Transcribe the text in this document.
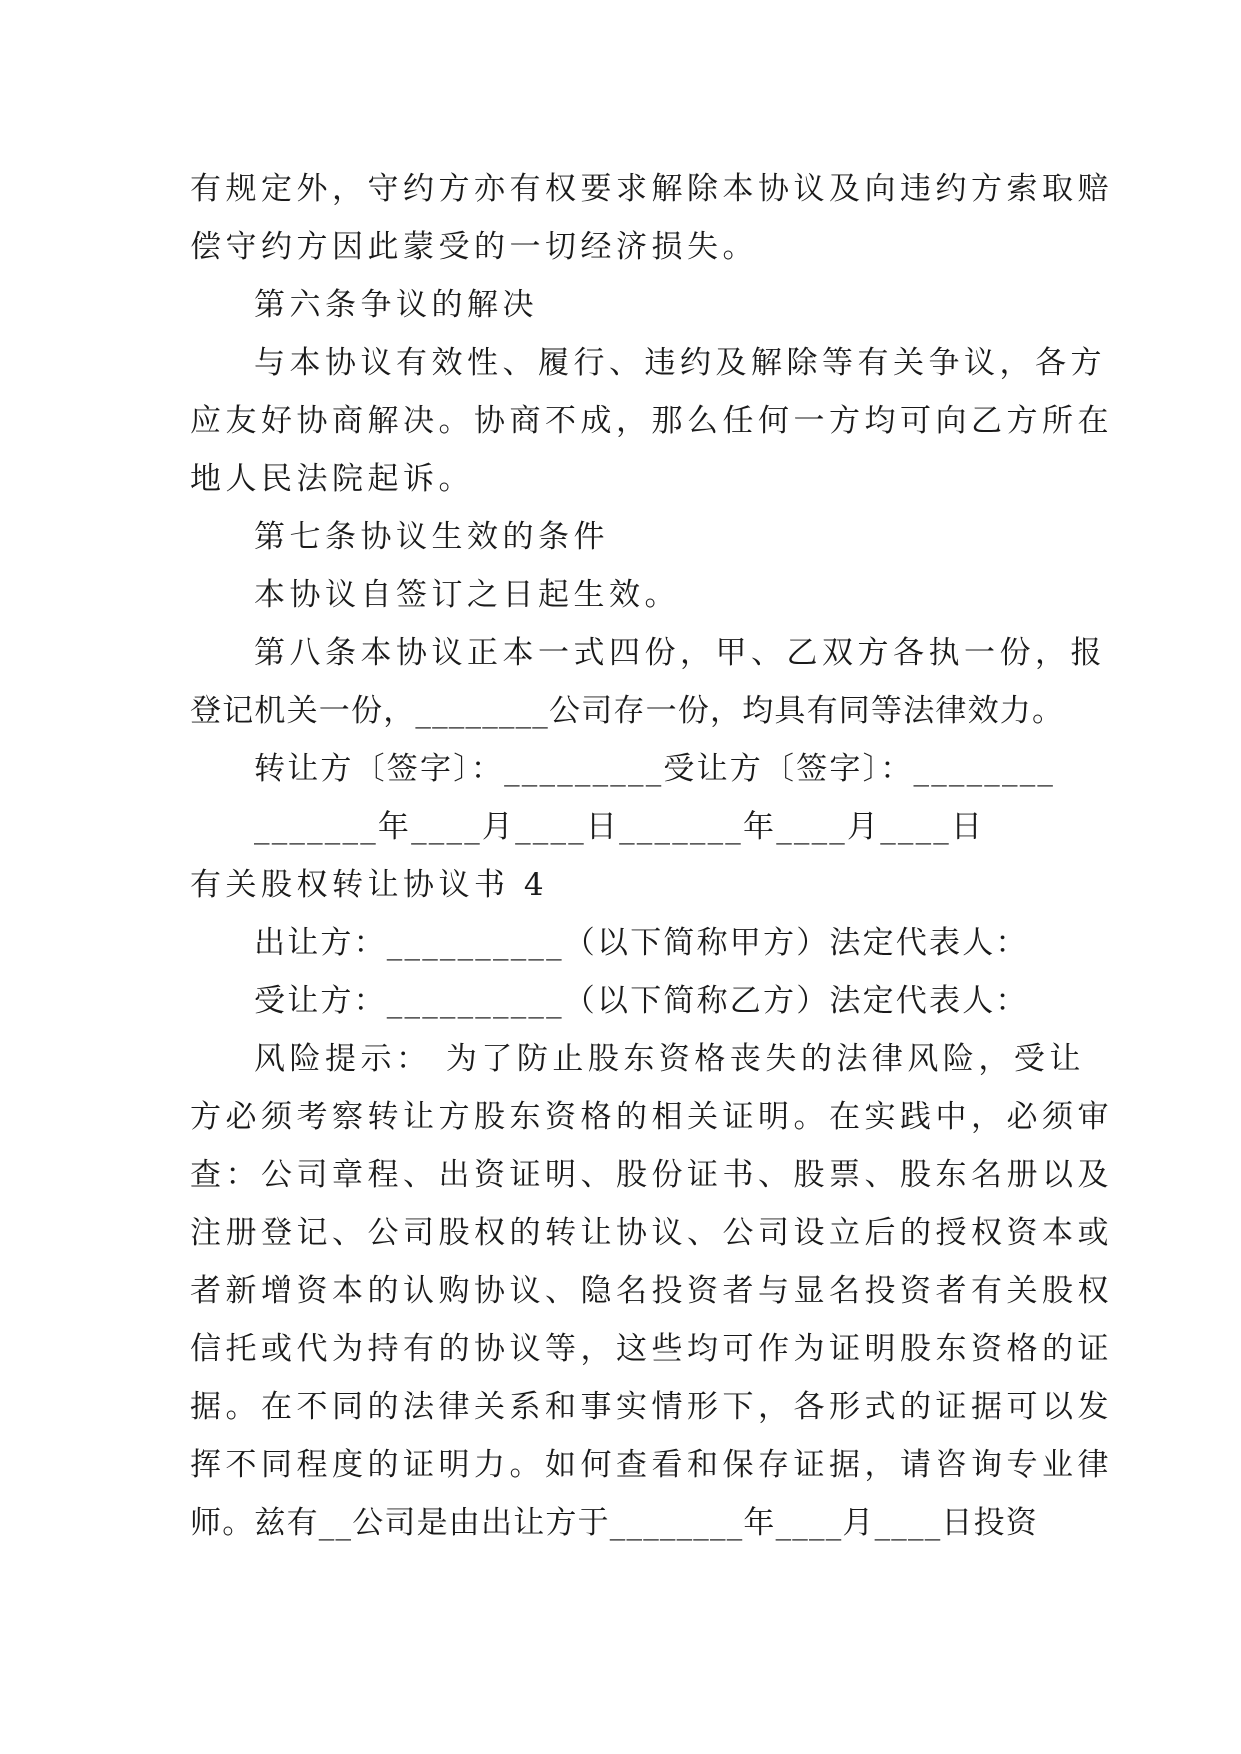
有规定外，守约方亦有权要求解除本协议及向违约方索取赔
偿守约方因此蒙受的一切经济损失。
第六条争议的解决
与本协议有效性、履行、违约及解除等有关争议，各方
应友好协商解决。协商不成，那么任何一方均可向乙方所在
地人民法院起诉。
第七条协议生效的条件
本协议自签订之日起生效。
第八条本协议正本一式四份，甲、乙双方各执一份，报
登记机关一份，________公司存一份，均具有同等法律效力。
转让方〔签字〕：_________受让方〔签字〕：________
_______年____月____日_______年____月____日
有关股权转让协议书 4
出让方：__________（以下简称甲方）法定代表人：
受让方：__________（以下简称乙方）法定代表人：
风险提示： 为了防止股东资格丧失的法律风险，受让
方必须考察转让方股东资格的相关证明。在实践中，必须审
查：公司章程、出资证明、股份证书、股票、股东名册以及
注册登记、公司股权的转让协议、公司设立后的授权资本或
者新增资本的认购协议、隐名投资者与显名投资者有关股权
信托或代为持有的协议等，这些均可作为证明股东资格的证
据。在不同的法律关系和事实情形下，各形式的证据可以发
挥不同程度的证明力。如何查看和保存证据，请咨询专业律
师。兹有__公司是由出让方于________年____月____日投资
